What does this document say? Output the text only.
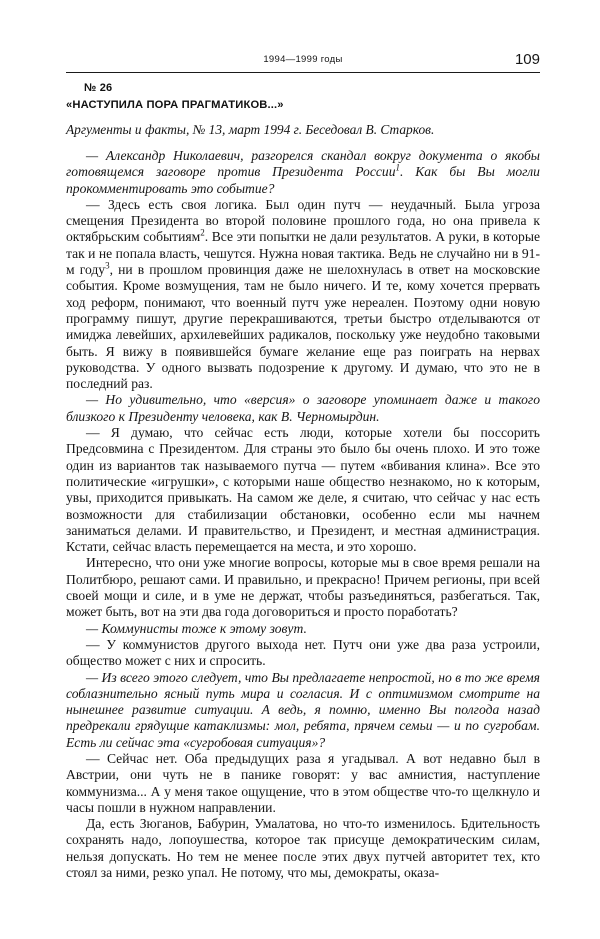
1994—1999 годы	109
№ 26
«НАСТУПИЛА ПОРА ПРАГМАТИКОВ...»
Аргументы и факты, № 13, март 1994 г. Беседовал В. Старков.

— Александр Николаевич, разгорелся скандал вокруг документа о якобы готовящемся заговоре против Президента России$^1$. Как бы Вы могли прокомментировать это событие?

— Здесь есть своя логика. Был один путч — неудачный. Была угроза смещения Президента во второй половине прошлого года, но она привела к октябрьским событиям$^2$. Все эти попытки не дали результатов. А руки, в которые так и не попала власть, чешутся. Нужна новая тактика. Ведь не случайно ни в 91-м году$^3$, ни в прошлом провинция даже не шелохнулась в ответ на московские события. Кроме возмущения, там не было ничего. И те, кому хочется прервать ход реформ, понимают, что военный путч уже нереален. Поэтому одни новую программу пишут, другие перекрашиваются, третьи быстро отделываются от имиджа левейших, архилевейших радикалов, поскольку уже неудобно таковыми быть. Я вижу в появившейся бумаге желание еще раз поиграть на нервах руководства. У одного вызвать подозрение к другому. И думаю, что это не в последний раз.

— Но удивительно, что «версия» о заговоре упоминает даже и такого близкого к Президенту человека, как В. Черномырдин.

— Я думаю, что сейчас есть люди, которые хотели бы поссорить Предсовмина с Президентом. Для страны это было бы очень плохо. И это тоже один из вариантов так называемого путча — путем «вбивания клина». Все это политические «игрушки», с которыми наше общество незнакомо, но к которым, увы, приходится привыкать. На самом же деле, я считаю, что сейчас у нас есть возможности для стабилизации обстановки, особенно если мы начнем заниматься делами. И правительство, и Президент, и местная администрация. Кстати, сейчас власть перемещается на места, и это хорошо.

Интересно, что они уже многие вопросы, которые мы в свое время решали на Политбюро, решают сами. И правильно, и прекрасно! Причем регионы, при всей своей мощи и силе, и в уме не держат, чтобы разъединяться, разбегаться. Так, может быть, вот на эти два года договориться и просто поработать?

— Коммунисты тоже к этому зовут.

— У коммунистов другого выхода нет. Путч они уже два раза устроили, общество может с них и спросить.

— Из всего этого следует, что Вы предлагаете непростой, но в то же время соблазнительно ясный путь мира и согласия. И с оптимизмом смотрите на нынешнее развитие ситуации. А ведь, я помню, именно Вы полгода назад предрекали грядущие катаклизмы: мол, ребята, прячем семьи — и по сугробам. Есть ли сейчас эта «сугробовая ситуация»?

— Сейчас нет. Оба предыдущих раза я угадывал. А вот недавно был в Австрии, они чуть не в панике говорят: у вас амнистия, наступление коммунизма... А у меня такое ощущение, что в этом обществе что-то щелкнуло и часы пошли в нужном направлении.

Да, есть Зюганов, Бабурин, Умалатова, но что-то изменилось. Бдительность сохранять надо, лопоушества, которое так присуще демократическим силам, нельзя допускать. Но тем не менее после этих двух путчей авторитет тех, кто стоял за ними, резко упал. Не потому, что мы, демократы, оказа-
